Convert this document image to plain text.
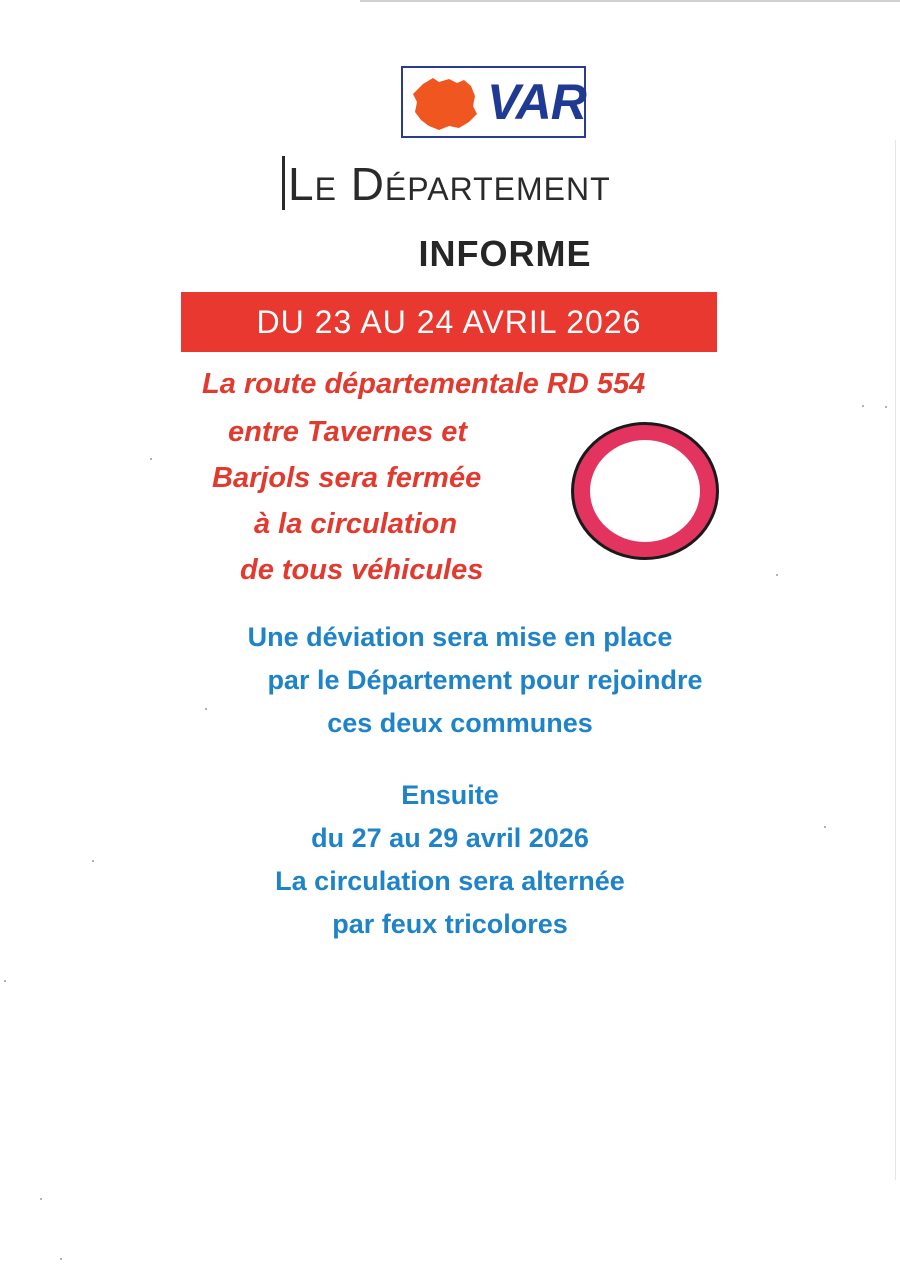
VAR
Le Département
INFORME
DU 23 AU 24 AVRIL 2026
La route départementale RD 554
entre Tavernes et
Barjols sera fermée
à la circulation
de tous véhicules
Une déviation sera mise en place
par le Département pour rejoindre
ces deux communes
Ensuite
du 27 au 29 avril 2026
La circulation sera alternée
par feux tricolores
